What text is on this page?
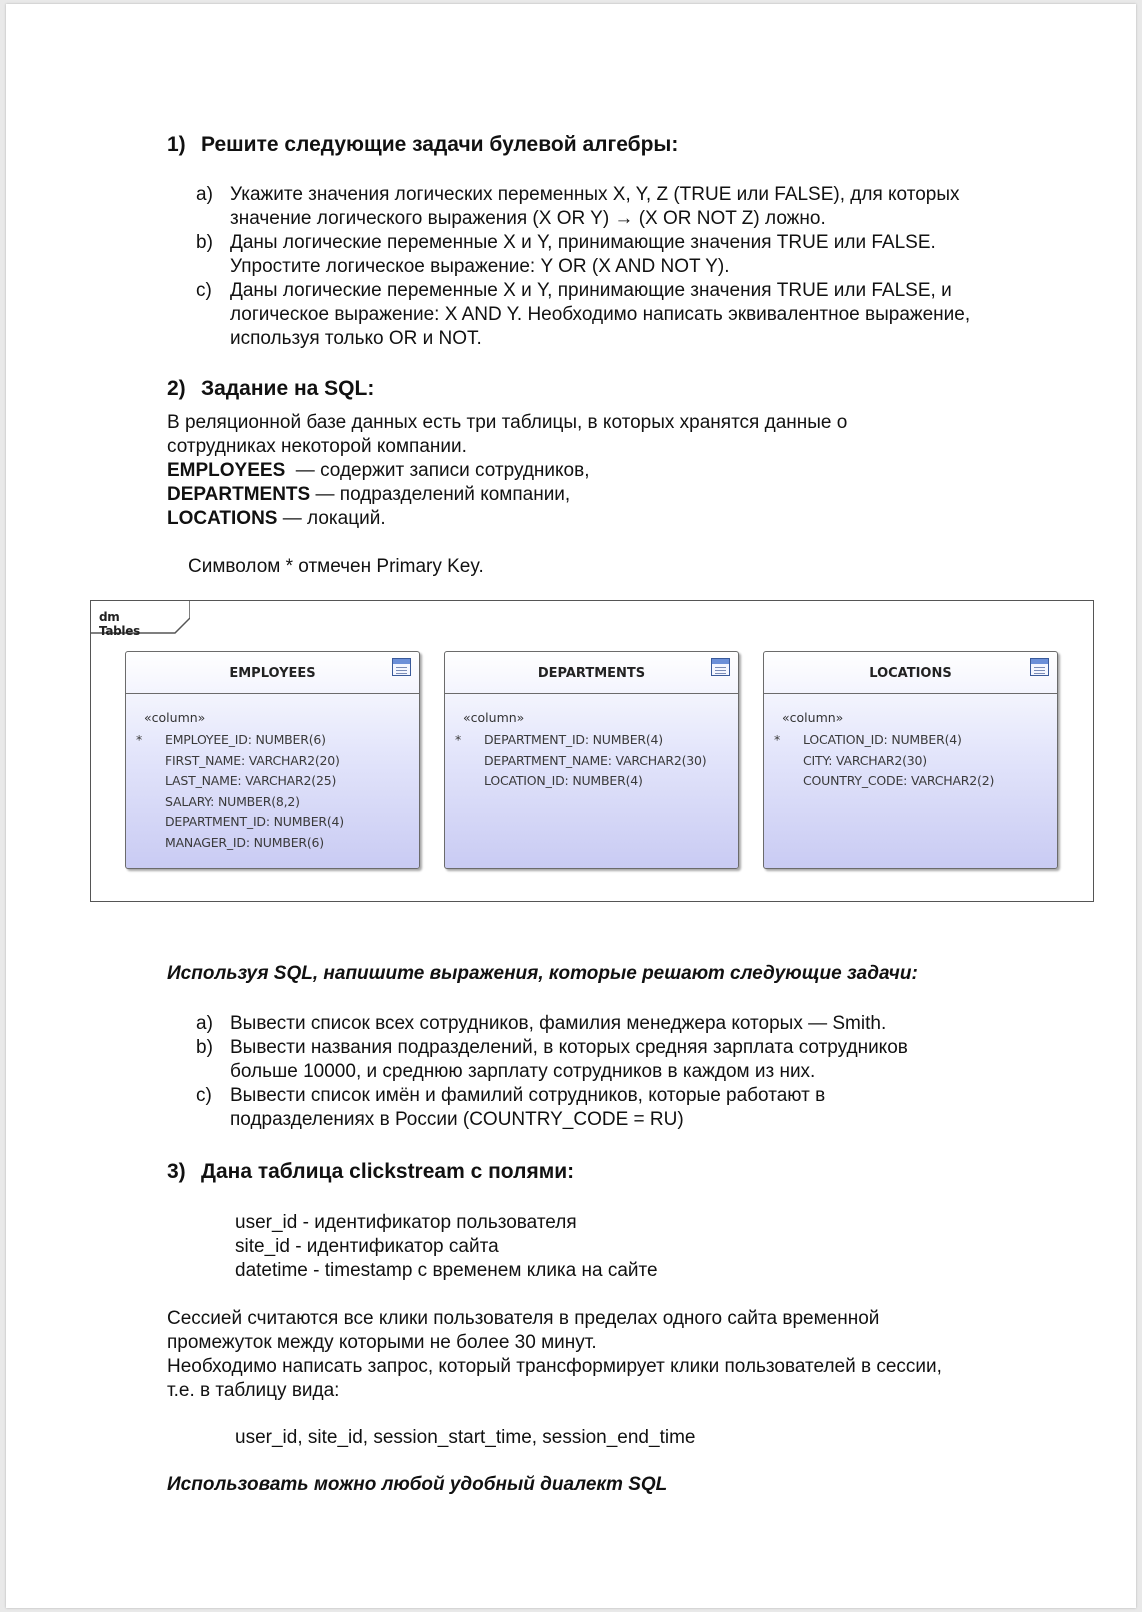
1) Решите следующие задачи булевой алгебры:
a) Укажите значения логических переменных X, Y, Z (TRUE или FALSE), для которых
значение логического выражения (X OR Y) → (X OR NOT Z) ложно.
b) Даны логические переменные X и Y, принимающие значения TRUE или FALSE.
Упростите логическое выражение: Y OR (X AND NOT Y).
c) Даны логические переменные X и Y, принимающие значения TRUE или FALSE, и
логическое выражение: X AND Y. Необходимо написать эквивалентное выражение,
используя только OR и NOT.
2) Задание на SQL:
В реляционной базе данных есть три таблицы, в которых хранятся данные о
сотрудниках некоторой компании.
EMPLOYEES  — содержит записи сотрудников,
DEPARTMENTS — подразделений компании,
LOCATIONS — локаций.
Символом * отмечен Primary Key.
dm Tables
EMPLOYEES
«column»
*	EMPLOYEE_ID: NUMBER(6)
FIRST_NAME: VARCHAR2(20)
LAST_NAME: VARCHAR2(25)
SALARY: NUMBER(8,2)
DEPARTMENT_ID: NUMBER(4)
MANAGER_ID: NUMBER(6)
DEPARTMENTS
«column»
*	DEPARTMENT_ID: NUMBER(4)
DEPARTMENT_NAME: VARCHAR2(30)
LOCATION_ID: NUMBER(4)
LOCATIONS
«column»
*	LOCATION_ID: NUMBER(4)
CITY: VARCHAR2(30)
COUNTRY_CODE: VARCHAR2(2)
Используя SQL, напишите выражения, которые решают следующие задачи:
a) Вывести список всех сотрудников, фамилия менеджера которых — Smith.
b) Вывести названия подразделений, в которых средняя зарплата сотрудников
больше 10000, и среднюю зарплату сотрудников в каждом из них.
c) Вывести список имён и фамилий сотрудников, которые работают в
подразделениях в России (COUNTRY_CODE = RU)
3) Дана таблица clickstream с полями:
user_id - идентификатор пользователя
site_id - идентификатор сайта
datetime - timestamp с временем клика на сайте
Сессией считаются все клики пользователя в пределах одного сайта временной
промежуток между которыми не более 30 минут.
Необходимо написать запрос, который трансформирует клики пользователей в сессии,
т.е. в таблицу вида:
user_id, site_id, session_start_time, session_end_time
Использовать можно любой удобный диалект SQL
